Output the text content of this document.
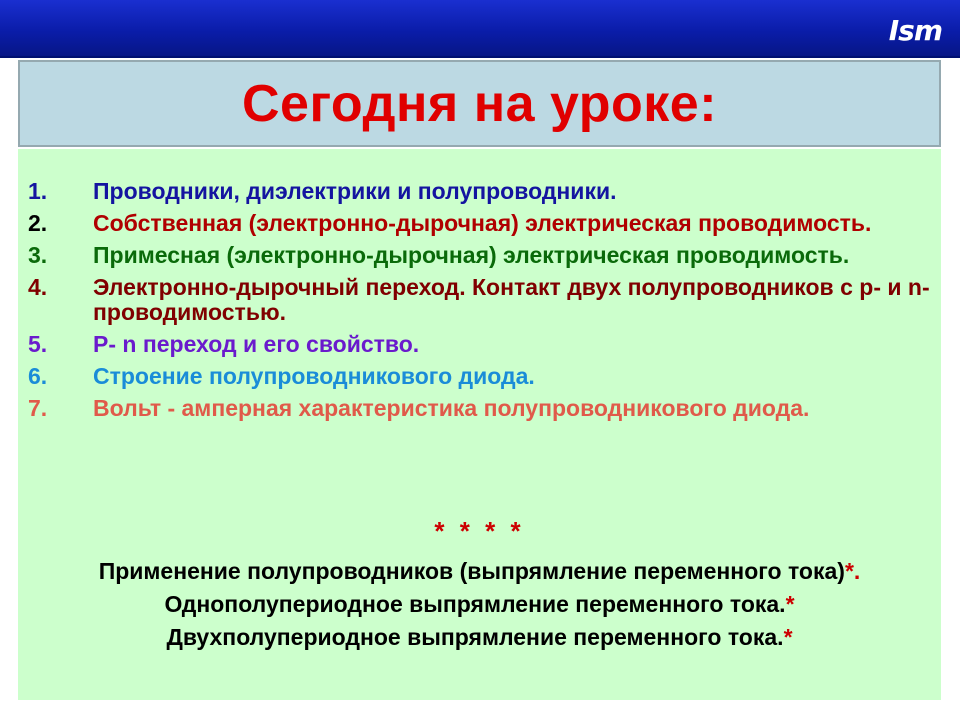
Ism
Сегодня на уроке:
1.	Проводники, диэлектрики и полупроводники.
2.	Собственная (электронно-дырочная) электрическая проводимость.
3.	Примесная (электронно-дырочная) электрическая проводимость.
4.	Электронно-дырочный переход. Контакт двух полупроводников с р- и n- проводимостью.
5.	Р- n переход и его свойство.
6.	Строение полупроводникового диода.
7.	Вольт - амперная характеристика полупроводникового диода.
* * * *
Применение полупроводников (выпрямление переменного тока)*.
Однополупериодное выпрямление переменного тока.*
Двухполупериодное выпрямление переменного тока.*
